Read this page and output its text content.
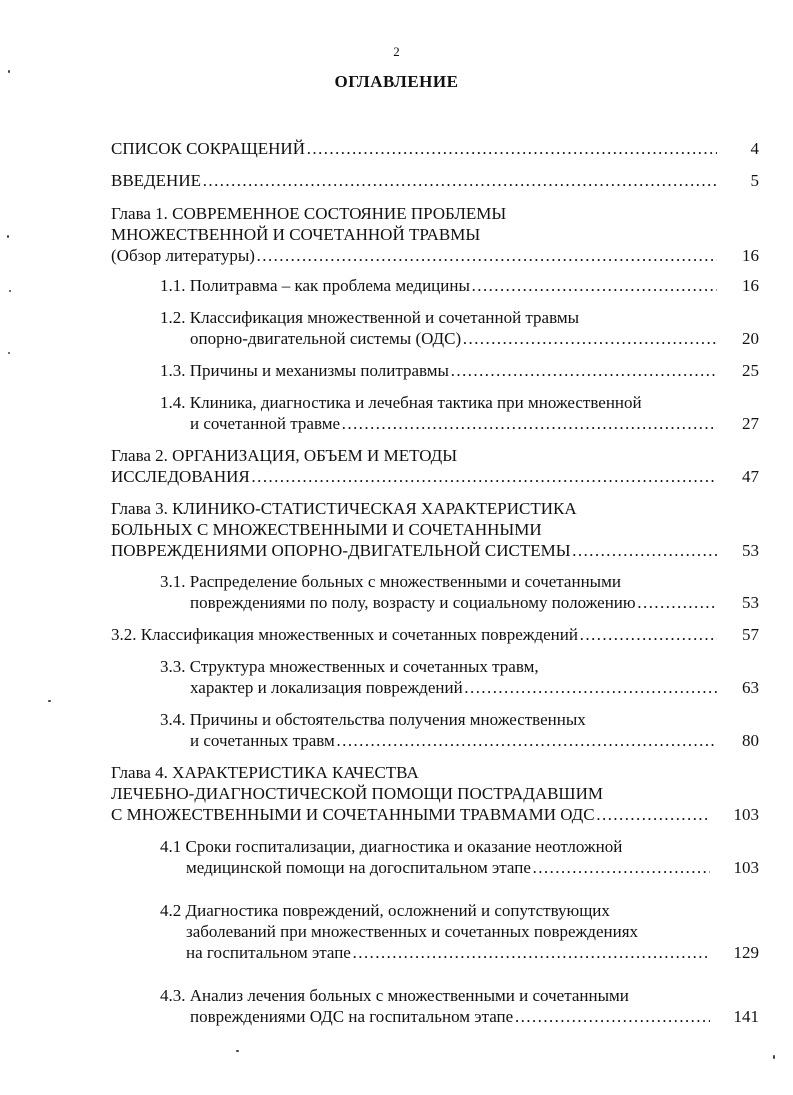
2
ОГЛАВЛЕНИЕ
СПИСОК СОКРАЩЕНИЙ ………………………………………………………………………………………………………………………………………………	4
ВВЕДЕНИЕ ………………………………………………………………………………………………………………………………………………	5
Глава 1. СОВРЕМЕННОЕ СОСТОЯНИЕ ПРОБЛЕМЫ
МНОЖЕСТВЕННОЙ И СОЧЕТАННОЙ ТРАВМЫ
(Обзор литературы) ………………………………………………………………………………………………………………………………………………	16
1.1. Политравма – как проблема медицины ………………………………………………………………………………………………………………………………………………	16
1.2. Классификация множественной и сочетанной травмы
опорно-двигательной системы (ОДС) ………………………………………………………………………………………………………………………………………………	20
1.3. Причины и механизмы политравмы ………………………………………………………………………………………………………………………………………………	25
1.4. Клиника, диагностика и лечебная тактика при множественной
и сочетанной травме ………………………………………………………………………………………………………………………………………………	27
Глава 2. ОРГАНИЗАЦИЯ, ОБЪЕМ И МЕТОДЫ
ИССЛЕДОВАНИЯ ………………………………………………………………………………………………………………………………………………	47
Глава 3. КЛИНИКО-СТАТИСТИЧЕСКАЯ ХАРАКТЕРИСТИКА
БОЛЬНЫХ С МНОЖЕСТВЕННЫМИ И СОЧЕТАННЫМИ
ПОВРЕЖДЕНИЯМИ ОПОРНО-ДВИГАТЕЛЬНОЙ СИСТЕМЫ ………………………………………………………………………………………………………………………………………………	53
3.1. Распределение больных с множественными и сочетанными
повреждениями по полу, возрасту и социальному положению ………………………………………………………………………………………………………………………………………………	53
3.2. Классификация множественных и сочетанных повреждений ………………………………………………………………………………………………………………………………………………	57
3.3. Структура множественных и сочетанных травм,
характер и локализация повреждений ………………………………………………………………………………………………………………………………………………	63
3.4. Причины и обстоятельства получения множественных
и сочетанных травм ………………………………………………………………………………………………………………………………………………	80
Глава 4. ХАРАКТЕРИСТИКА КАЧЕСТВА
ЛЕЧЕБНО-ДИАГНОСТИЧЕСКОЙ ПОМОЩИ ПОСТРАДАВШИМ
С МНОЖЕСТВЕННЫМИ И СОЧЕТАННЫМИ ТРАВМАМИ ОДС ………………………………………………………………………………………………………………………………………………	103
4.1 Сроки госпитализации, диагностика и оказание неотложной
медицинской помощи на догоспитальном этапе ………………………………………………………………………………………………………………………………………………	103
4.2 Диагностика повреждений, осложнений и сопутствующих
заболеваний при множественных и сочетанных повреждениях
на госпитальном этапе ………………………………………………………………………………………………………………………………………………	129
4.3. Анализ лечения больных с множественными и сочетанными
повреждениями ОДС на госпитальном этапе ………………………………………………………………………………………………………………………………………………	141
